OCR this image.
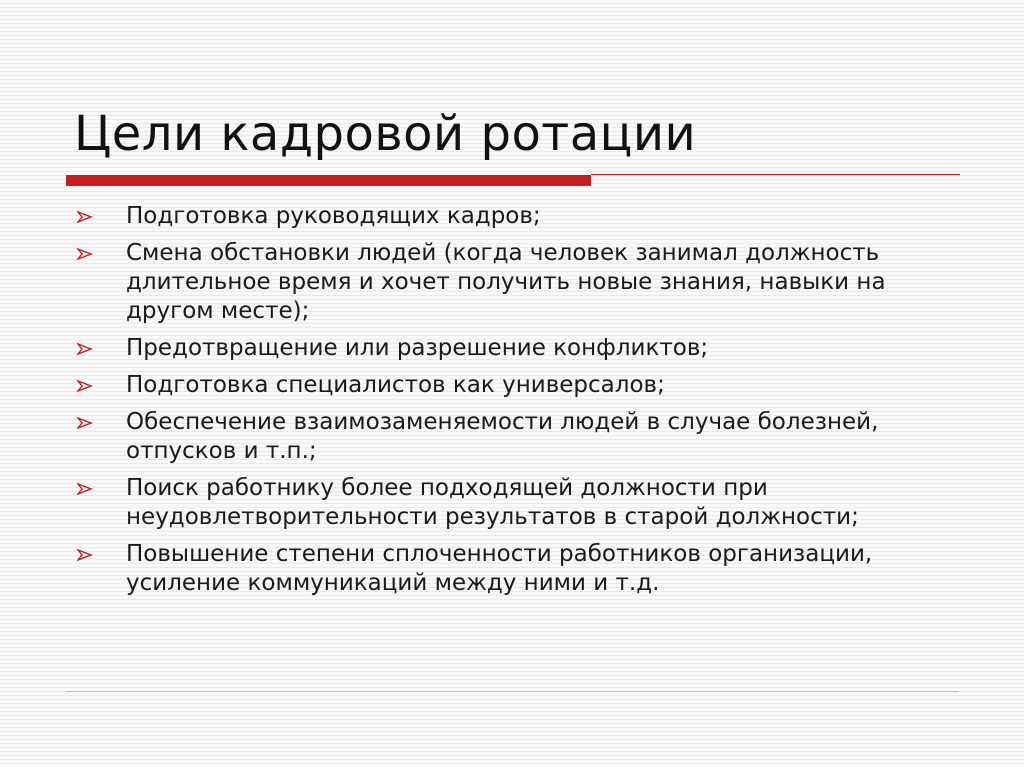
Цели кадровой ротации
Подготовка руководящих кадров;
Смена обстановки людей (когда человек занимал должность длительное время и хочет получить новые знания, навыки на другом месте);
Предотвращение или разрешение конфликтов;
Подготовка специалистов как универсалов;
Обеспечение взаимозаменяемости людей в случае болезней, отпусков и т.п.;
Поиск работнику более подходящей должности при неудовлетворительности результатов в старой должности;
Повышение степени сплоченности работников организации, усиление коммуникаций между ними и т.д.
